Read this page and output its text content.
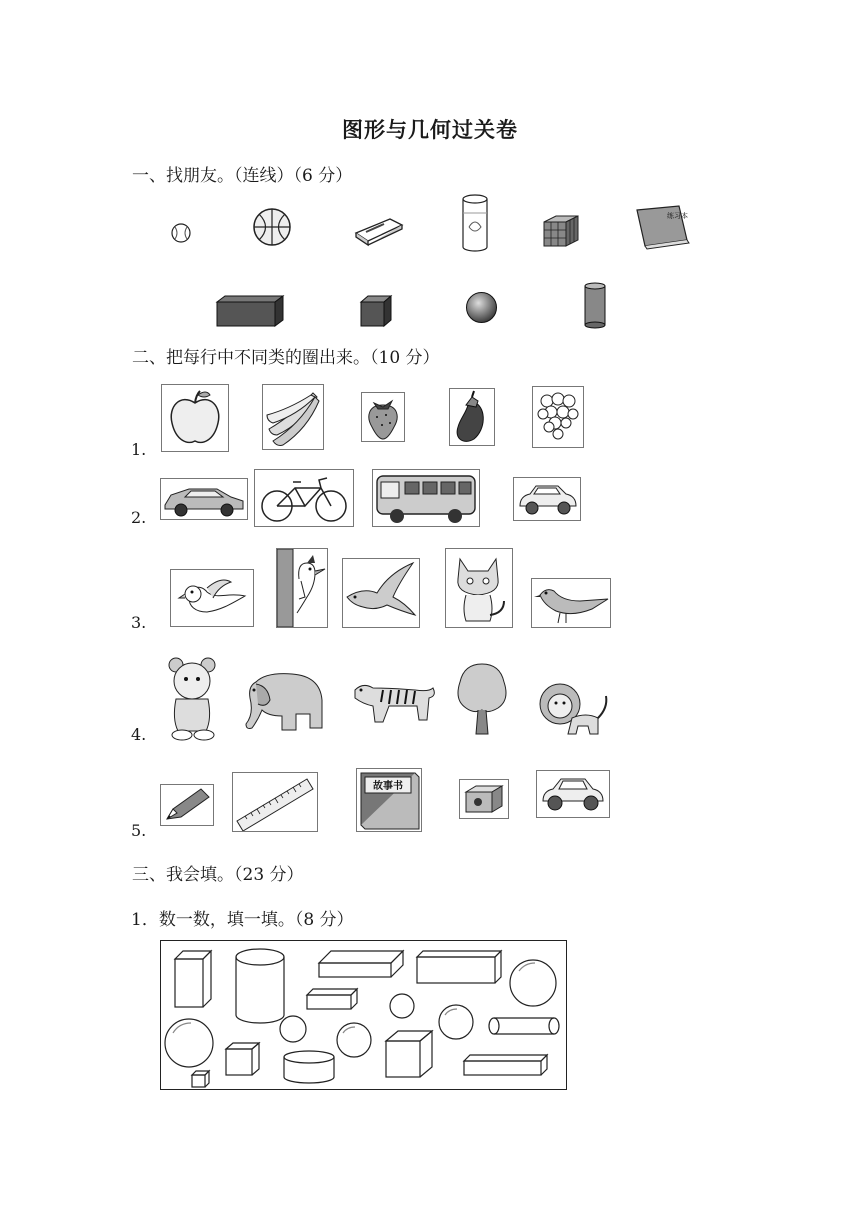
图形与几何过关卷
一、找朋友。（连线）（6 分）
练习本
二、把每行中不同类的圈出来。（10 分）
1.
2.
3.
4.
5.
故事书
三、我会填。（23 分）
1．数一数，填一填。（8 分）
